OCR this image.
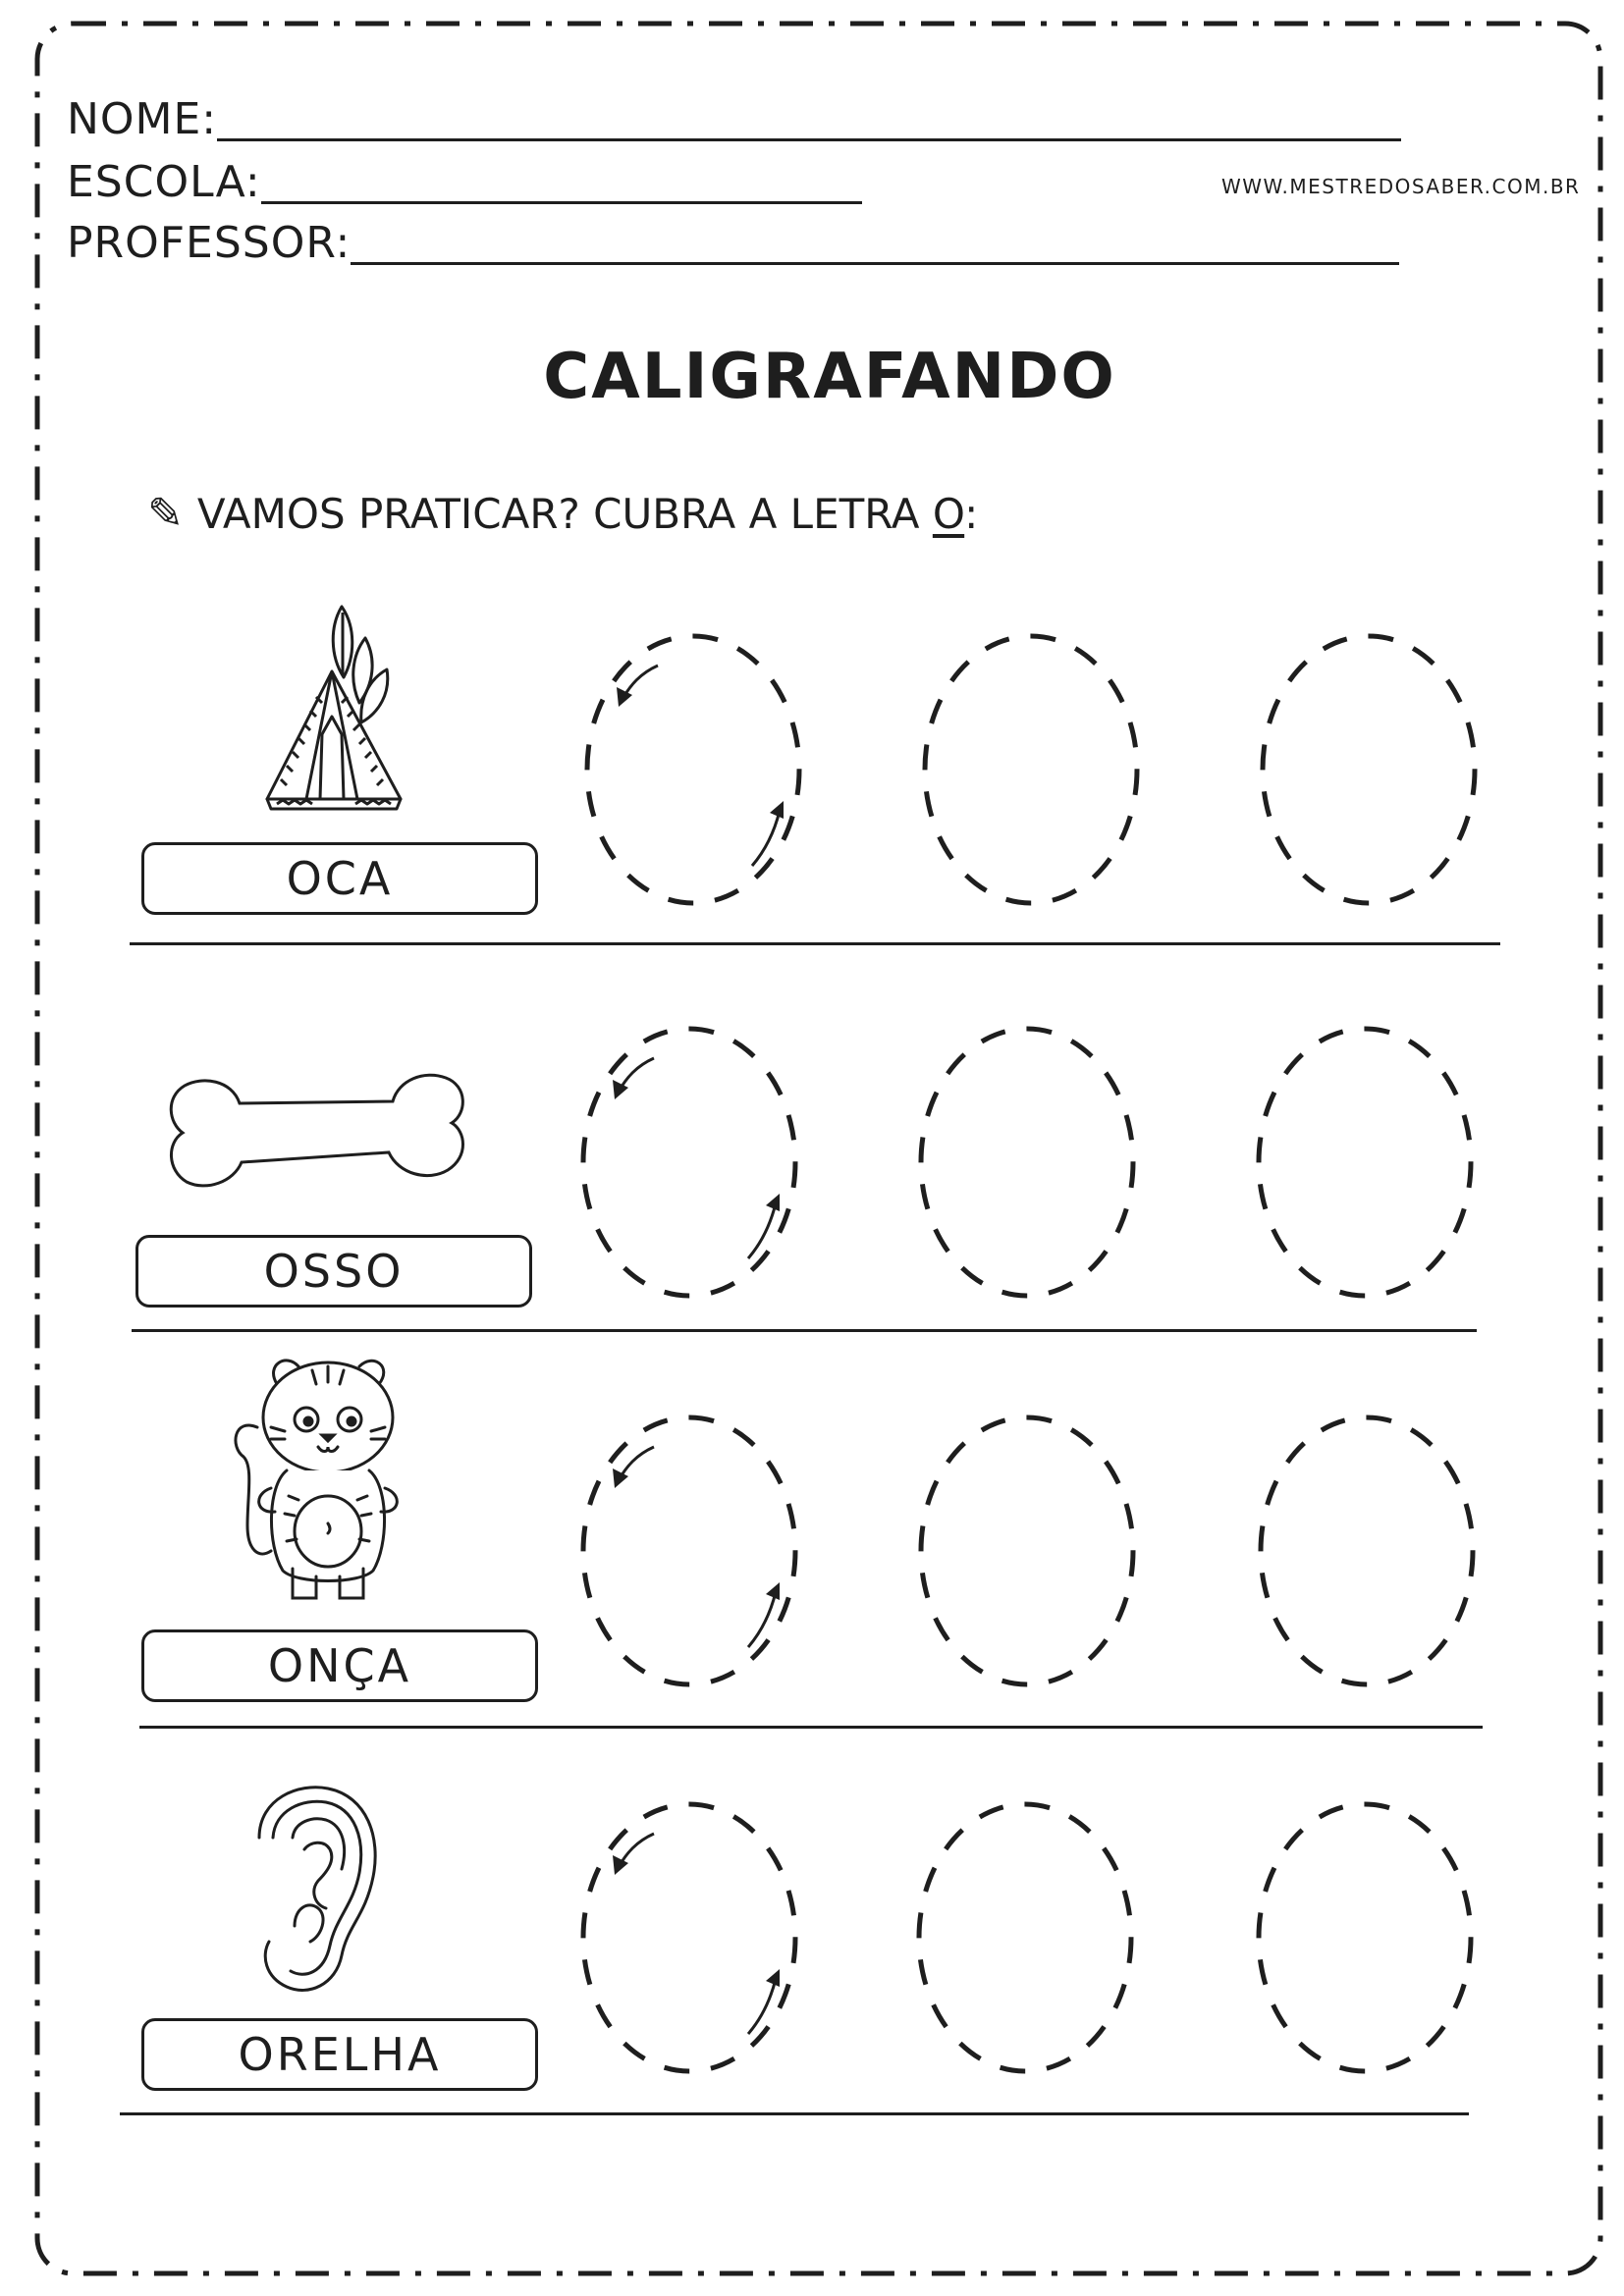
NOME:
ESCOLA:
PROFESSOR:
WWW.MESTREDOSABER.COM.BR
CALIGRAFANDO
✎ VAMOS PRATICAR? CUBRA A LETRA O:
OCA
OSSO
ONÇA
ORELHA
